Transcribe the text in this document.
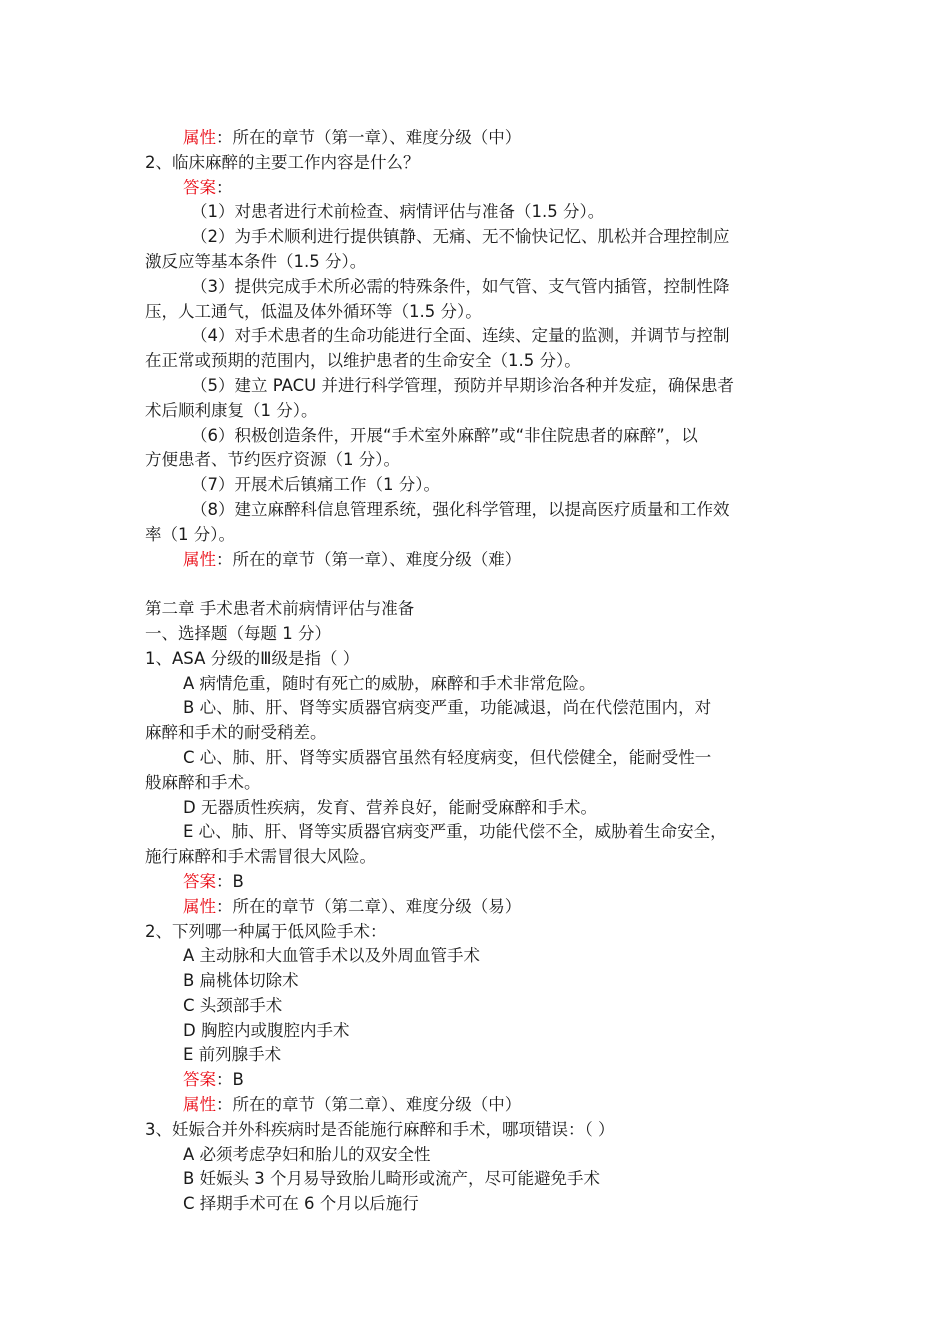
属性：所在的章节（第一章）、难度分级（中）
2、临床麻醉的主要工作内容是什么？
答案：
（1）对患者进行术前检查、病情评估与准备（1.5 分）。
（2）为手术顺利进行提供镇静、无痛、无不愉快记忆、肌松并合理控制应
激反应等基本条件（1.5 分）。
（3）提供完成手术所必需的特殊条件，如气管、支气管内插管，控制性降
压，人工通气，低温及体外循环等（1.5 分）。
（4）对手术患者的生命功能进行全面、连续、定量的监测，并调节与控制
在正常或预期的范围内，以维护患者的生命安全（1.5 分）。
（5）建立 PACU 并进行科学管理，预防并早期诊治各种并发症，确保患者
术后顺利康复（1 分）。
（6）积极创造条件，开展“手术室外麻醉”或“非住院患者的麻醉”，以
方便患者、节约医疗资源（1 分）。
（7）开展术后镇痛工作（1 分）。
（8）建立麻醉科信息管理系统，强化科学管理，以提高医疗质量和工作效
率（1 分）。
属性：所在的章节（第一章）、难度分级（难）
第二章 手术患者术前病情评估与准备
一、选择题（每题 1 分）
1、ASA 分级的Ⅲ级是指（ ）
A 病情危重，随时有死亡的威胁，麻醉和手术非常危险。
B 心、肺、肝、肾等实质器官病变严重，功能减退，尚在代偿范围内，对
麻醉和手术的耐受稍差。
C 心、肺、肝、肾等实质器官虽然有轻度病变，但代偿健全，能耐受性一
般麻醉和手术。
D 无器质性疾病，发育、营养良好，能耐受麻醉和手术。
E 心、肺、肝、肾等实质器官病变严重，功能代偿不全，威胁着生命安全，
施行麻醉和手术需冒很大风险。
答案：B
属性：所在的章节（第二章）、难度分级（易）
2、下列哪一种属于低风险手术：
A 主动脉和大血管手术以及外周血管手术
B 扁桃体切除术
C 头颈部手术
D 胸腔内或腹腔内手术
E 前列腺手术
答案：B
属性：所在的章节（第二章）、难度分级（中）
3、妊娠合并外科疾病时是否能施行麻醉和手术，哪项错误：（ ）
A 必须考虑孕妇和胎儿的双安全性
B 妊娠头 3 个月易导致胎儿畸形或流产，尽可能避免手术
C 择期手术可在 6 个月以后施行
